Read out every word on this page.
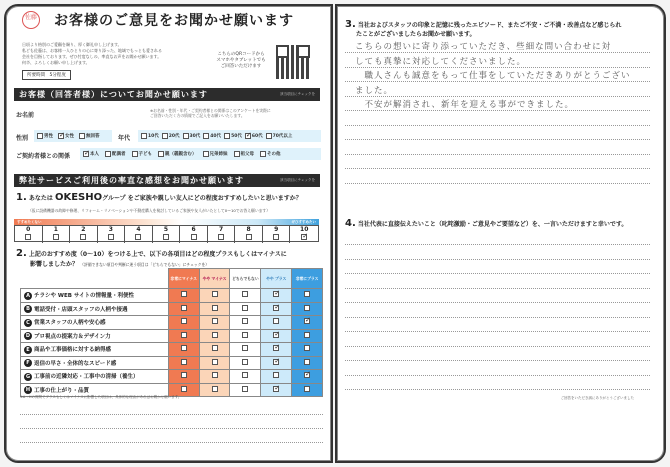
佐藤 お客様のご意見をお聞かせ願います
日頃より格別のご愛顧を賜り、厚く御礼申し上げます。
私ども佐藤は、お客様一人ひとりの心に寄り添った、地域でもっとも愛される
会社を目指しております。ぜひ忖度なしの、率直なお声をお聞かせ願います。
何卒、よろしくお願い申し上げます。
所要時間　5分程度
こちらのQRコードから
スマホやタブレットでも
ご回答いただけます
お客様（回答者様）についてお聞かせ願います	該当項目にチェックを
お名前
※お名前・性別・年代・ご契約者様との関係はこのアンケートを実際に
ご回答いただく方の情報でご記入をお願いいたします。
性別	男性 ✓	女性	無回答	年代	10代 20代 30代 40代 50代 ✓ 60代 70代以上
ご契約者様との関係 ✓	本人	配偶者	子ども	親（義親含む）	兄弟姉妹	祖父母	その他
弊社サービスご利用後の率直な感想をお聞かせ願います	該当項目にチェックを
1. あなたは OKESHOグループ をご家族や親しい友人にどの程度おすすめしたいと思いますか？
（仮に設備機器の故障や修理、リフォーム・リノベーションや不動産購入を検討しているご家族や友人がいたとして0〜10でお答え願います）
すすめたくない	ぜひすすめたい
0	1	2	3	4	5	6	7	8	9	10
✓
2. 上記のおすすめ度（0〜10）をつける上で、以下の各項目はどの程度プラスもしくはマイナスに
影響しましたか？ （評価できない項目や判断に迷う項目は「どちらでもない」にチェックを）
	非常にマイナス	やや マイナス	どちらでもない	やや プラス	非常にプラス
A チラシや WEB サイトの情報量・利便性				✓	
B 電話受付・店頭スタッフの人柄や接遇				✓	
C 営業スタッフの人柄や安心感					✓
D プロ視点の提案力＆デザイン力				✓	
E 商品や工事価格に対する納得感				✓	
F 返信の早さ・全体的なスピード感				✓	
G 工事前の近隣対応・工事中の清掃（養生）					✓
H 工事の仕上がり・品質				✓	
※A〜Hの質問でプラスもしくはマイナスに影響した項目は、具体的な理由があればお聞かせ願います。
3. 当社およびスタッフの印象と記憶に残ったエピソード、またご不安・ご不満・改善点など感じられ
たことがございましたらお聞かせ願います。
こちらの想いに寄り添っていただき、些細な問い合わせに対
しても真摯に対応してくださいました。
　職人さんも誠意をもって仕事をしていただきありがとうござい
ました。
　不安が解消され、新年を迎える事ができました。
4. 当社代表に直接伝えたいこと（叱咤激励・ご意見やご要望など）を、一言いただけますと幸いです。
ご回答をいただき誠にありがとうございました
